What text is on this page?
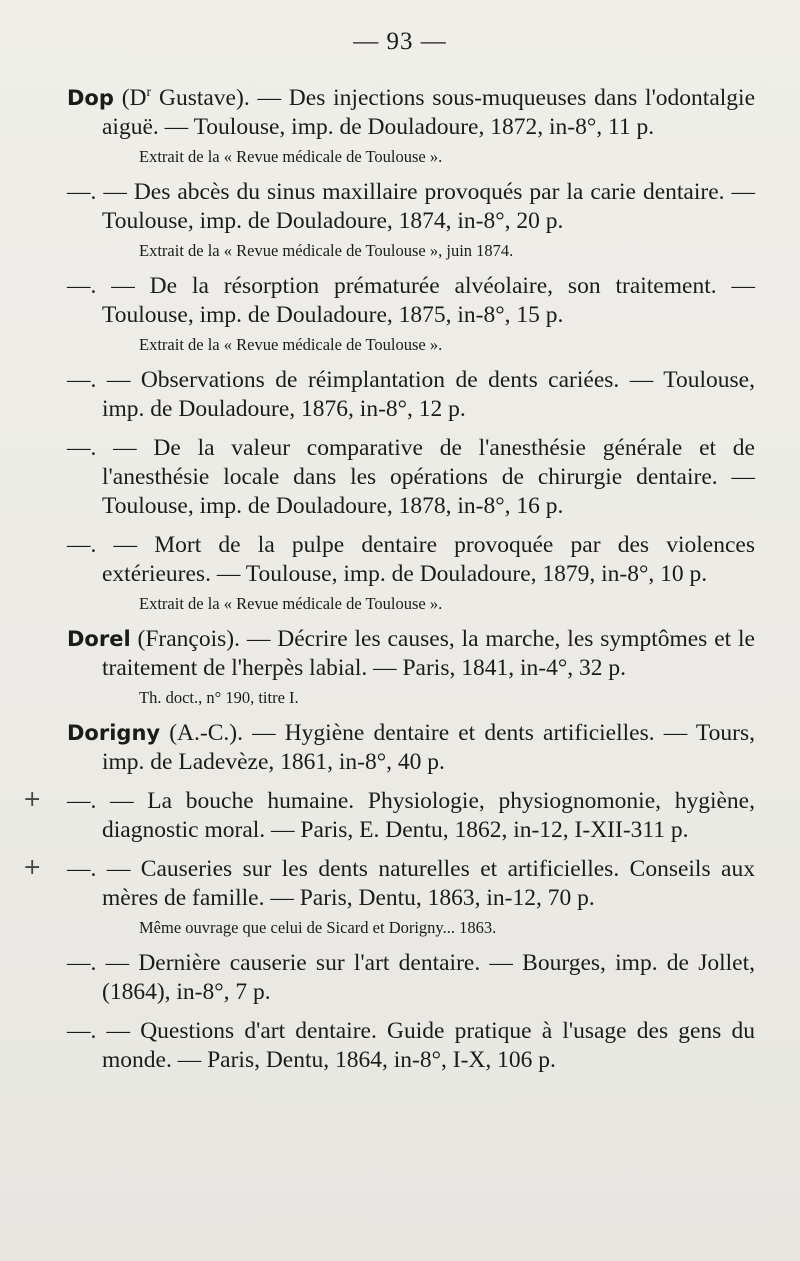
— 93 —
Dop ($D^r$ Gustave). — Des injections sous-muqueuses dans l'odontalgie aiguë. — Toulouse, imp. de Douladoure, 1872, in-8°, 11 p.
Extrait de la « Revue médicale de Toulouse ».
—. — Des abcès du sinus maxillaire provoqués par la carie dentaire. — Toulouse, imp. de Douladoure, 1874, in-8°, 20 p.
Extrait de la « Revue médicale de Toulouse », juin 1874.
—. — De la résorption prématurée alvéolaire, son traitement. — Toulouse, imp. de Douladoure, 1875, in-8°, 15 p.
Extrait de la « Revue médicale de Toulouse ».
—. — Observations de réimplantation de dents cariées. — Toulouse, imp. de Douladoure, 1876, in-8°, 12 p.
—. — De la valeur comparative de l'anesthésie générale et de l'anesthésie locale dans les opérations de chirurgie dentaire. — Toulouse, imp. de Douladoure, 1878, in-8°, 16 p.
—. — Mort de la pulpe dentaire provoquée par des violences extérieures. — Toulouse, imp. de Douladoure, 1879, in-8°, 10 p.
Extrait de la « Revue médicale de Toulouse ».
Dorel (François). — Décrire les causes, la marche, les symptômes et le traitement de l'herpès labial. — Paris, 1841, in-4°, 32 p.
Th. doct., n° 190, titre I.
Dorigny (A.-C.). — Hygiène dentaire et dents artificielles. — Tours, imp. de Ladevèze, 1861, in-8°, 40 p.
+ —. — La bouche humaine. Physiologie, physiognomonie, hygiène, diagnostic moral. — Paris, E. Dentu, 1862, in-12, I-XII-311 p.
+ —. — Causeries sur les dents naturelles et artificielles. Conseils aux mères de famille. — Paris, Dentu, 1863, in-12, 70 p.
Même ouvrage que celui de Sicard et Dorigny... 1863.
—. — Dernière causerie sur l'art dentaire. — Bourges, imp. de Jollet, (1864), in-8°, 7 p.
—. — Questions d'art dentaire. Guide pratique à l'usage des gens du monde. — Paris, Dentu, 1864, in-8°, I-X, 106 p.
